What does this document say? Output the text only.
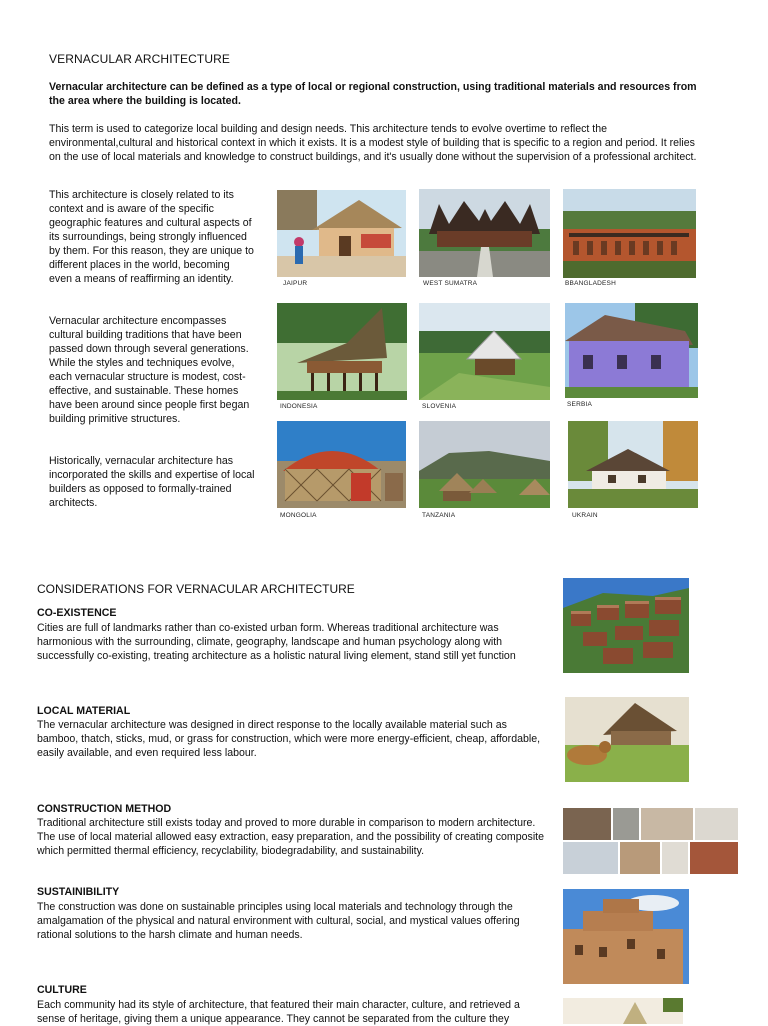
VERNACULAR ARCHITECTURE
Vernacular architecture can be defined as a type of local or regional construction, using traditional materials and resources from the area where the building is located.
This term is used to categorize local building and design needs. This architecture tends to evolve overtime to reflect the environmental,cultural and historical context in which it exists. It is a modest style of building that is specific to a region and period. It relies on the use of local materials and knowledge to construct buildings, and it's usually done without the supervision of a professional architect.
This architecture is closely related to its context and is aware of the specific geographic features and cultural aspects of its surroundings, being strongly influenced by them. For this reason, they are unique to different places in the world, becoming even a means of reaffirming an identity.
Vernacular architecture encompasses cultural building traditions that have been passed down through several generations. While the styles and techniques evolve, each vernacular structure is modest, cost-effective, and sustainable. These homes have been around since people first began building primitive structures.
Historically, vernacular architecture has incorporated the skills and expertise of local builders as opposed to formally-trained architects.
JAIPUR	WEST SUMATRA	BBANGLADESH
INDONESIA	SLOVENIA	SERBIA
MONGOLIA	TANZANIA	UKRAIN
CONSIDERATIONS FOR VERNACULAR ARCHITECTURE
CO-EXISTENCE
Cities are full of landmarks rather than co-existed urban form. Whereas traditional architecture was harmonious with the surrounding, climate, geography, landscape and human psychology along with successfully co-existing, treating architecture as a holistic natural living element, stand still yet function
LOCAL MATERIAL
The vernacular architecture was designed in direct response to the locally available material such as bamboo, thatch, sticks, mud, or grass for construction, which were more energy-efficient, cheap, affordable, easily available, and even required less labour.
CONSTRUCTION METHOD
Traditional architecture still exists today and proved to more durable in comparison to modern architecture. The use of local material allowed easy extraction, easy preparation, and the possibility of creating composite which permitted thermal efficiency, recyclability, biodegradability, and sustainability.
SUSTAINIBILITY
The construction was done on sustainable principles using local materials and technology through the amalgamation of the physical and natural environment with cultural, social, and mystical values offering rational solutions to the harsh climate and human needs.
CULTURE
Each community had its style of architecture, that featured their main character, culture, and retrieved a sense of heritage, giving them a unique appearance. They cannot be separated from the culture they
